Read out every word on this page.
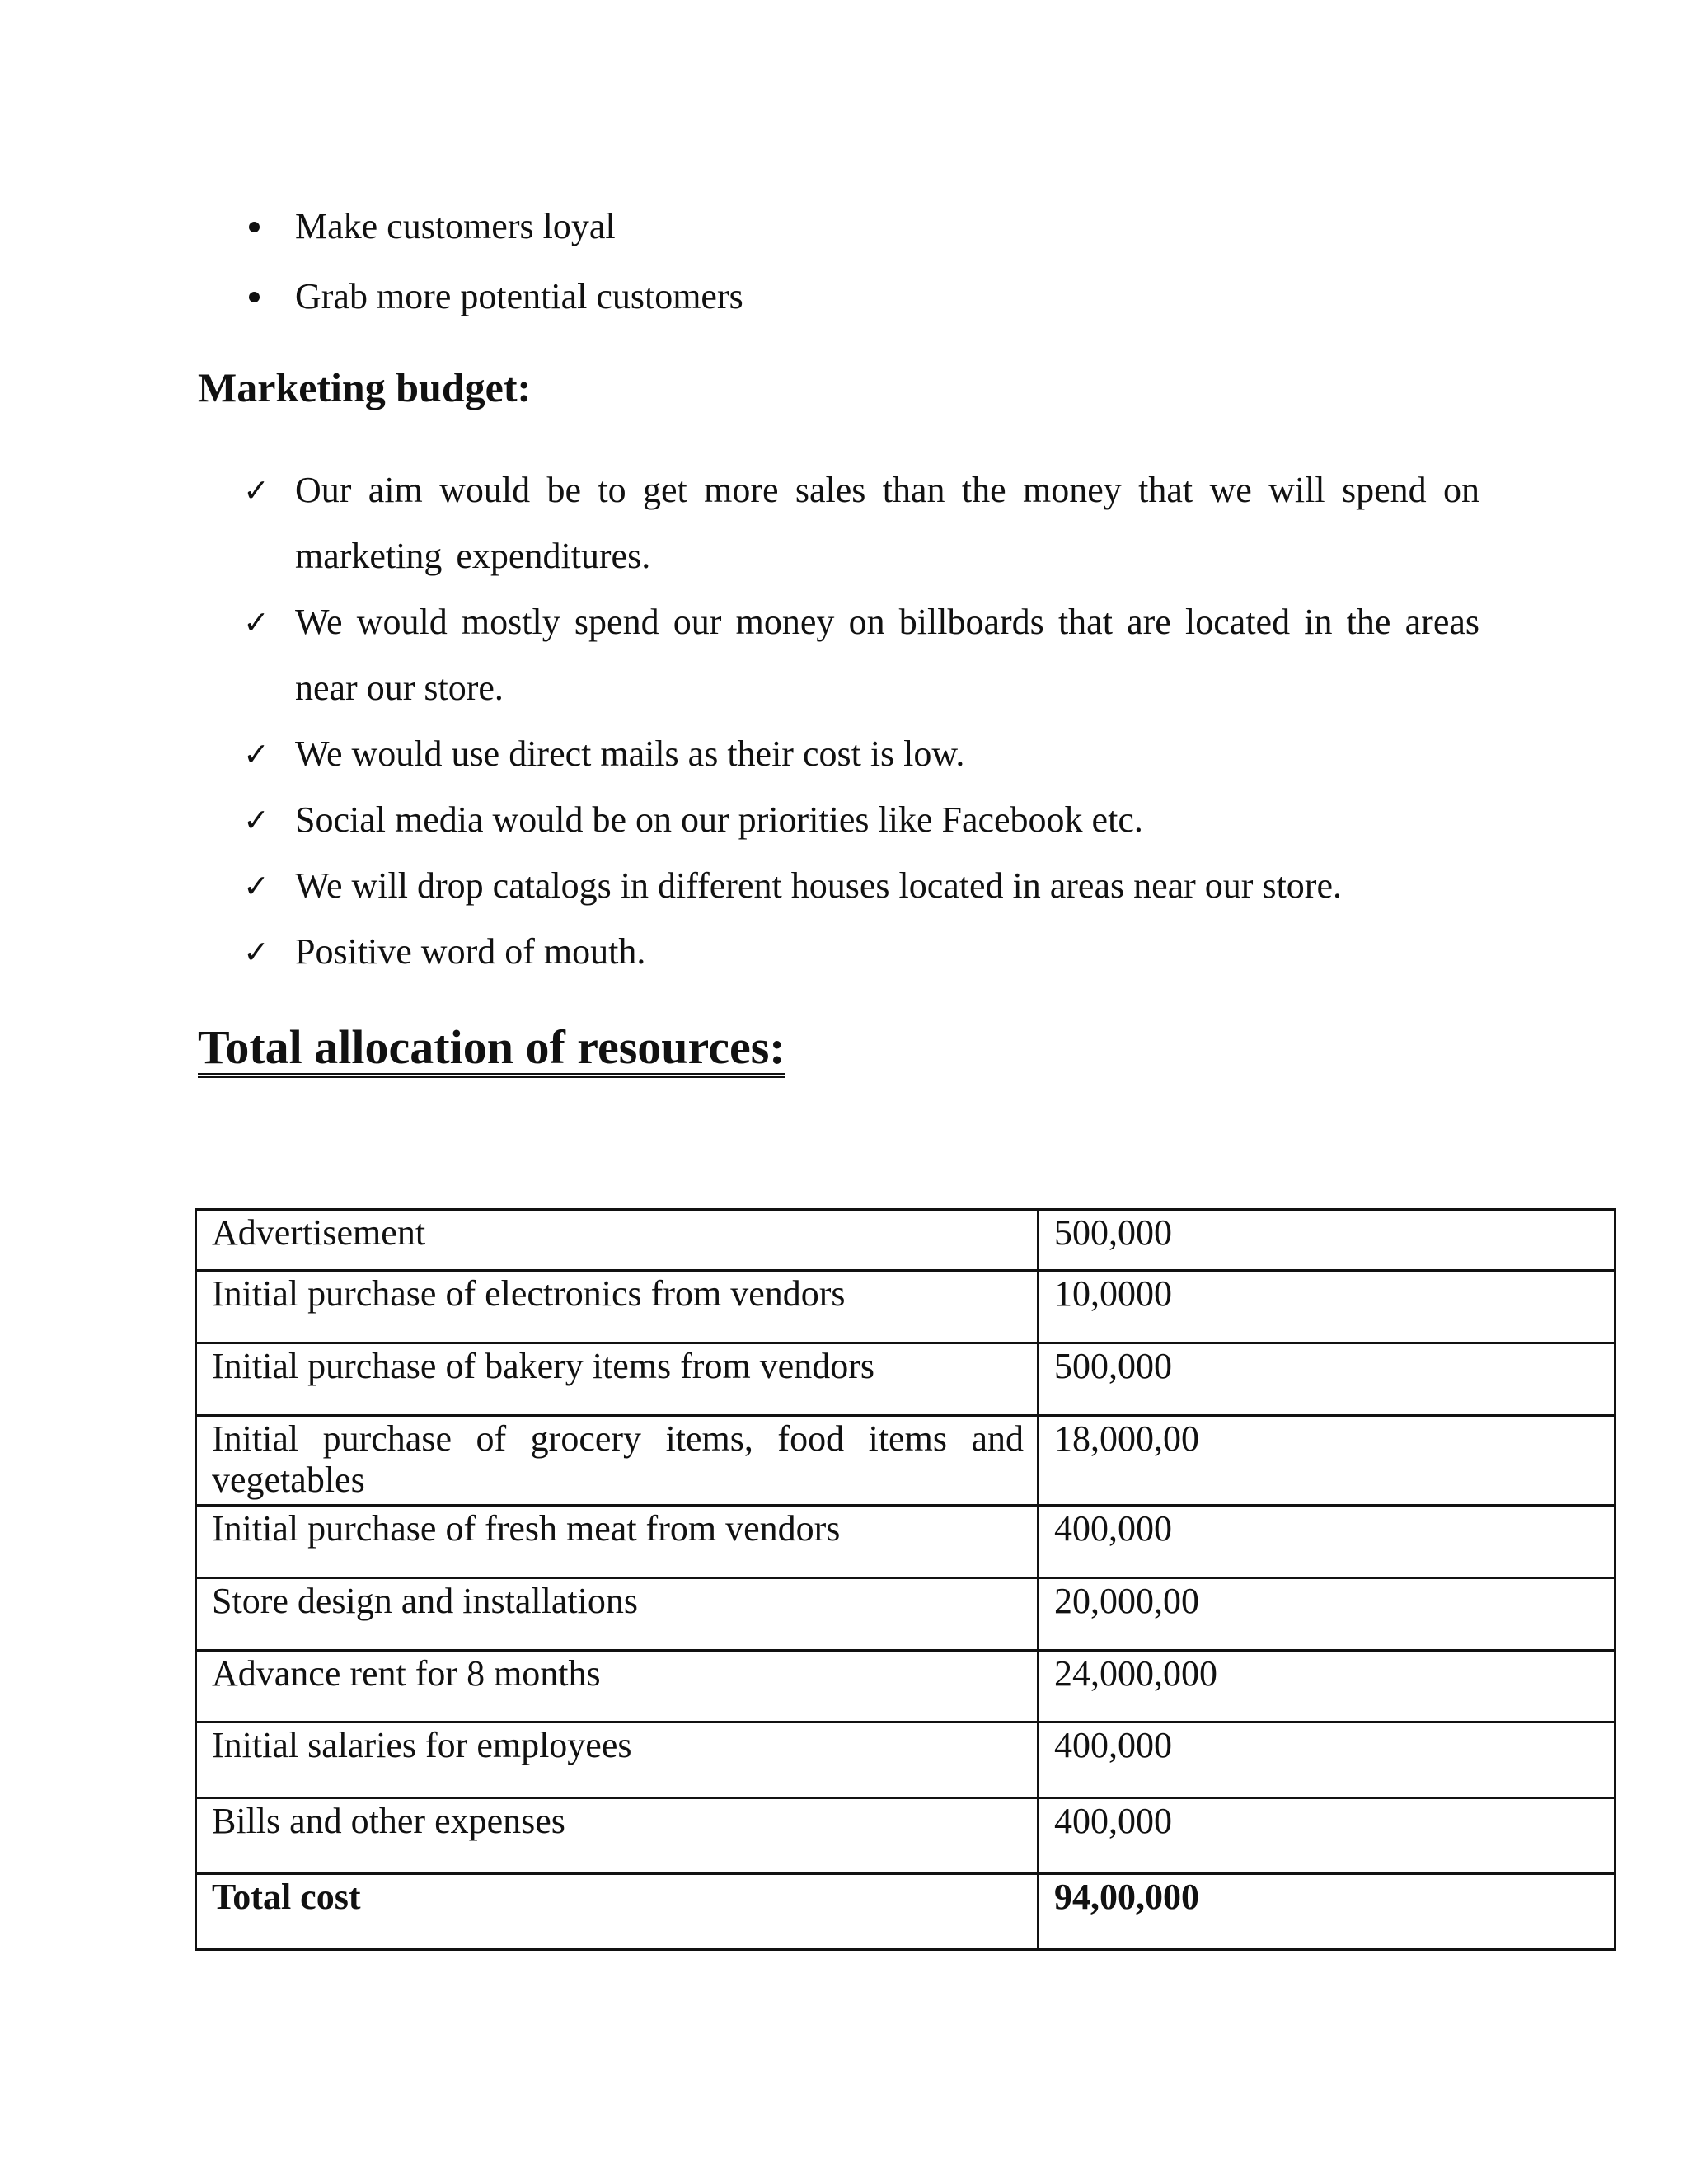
Make customers loyal
Grab more potential customers
Marketing budget:
✓ Our aim would be to get more sales than the money that we will spend on marketing expenditures.
✓ We would mostly spend our money on billboards that are located in the areas near our store.
✓ We would use direct mails as their cost is low.
✓ Social media would be on our priorities like Facebook etc.
✓ We will drop catalogs in different houses located in areas near our store.
✓ Positive word of mouth.
Total allocation of resources:
Advertisement	500,000
Initial purchase of electronics from vendors	10,0000
Initial purchase of bakery items from vendors	500,000
Initial purchase of grocery items, food items and vegetables	18,000,00
Initial purchase of fresh meat from vendors	400,000
Store design and installations	20,000,00
Advance rent for 8 months	24,000,000
Initial salaries for employees	400,000
Bills and other expenses	400,000
Total cost	94,00,000
